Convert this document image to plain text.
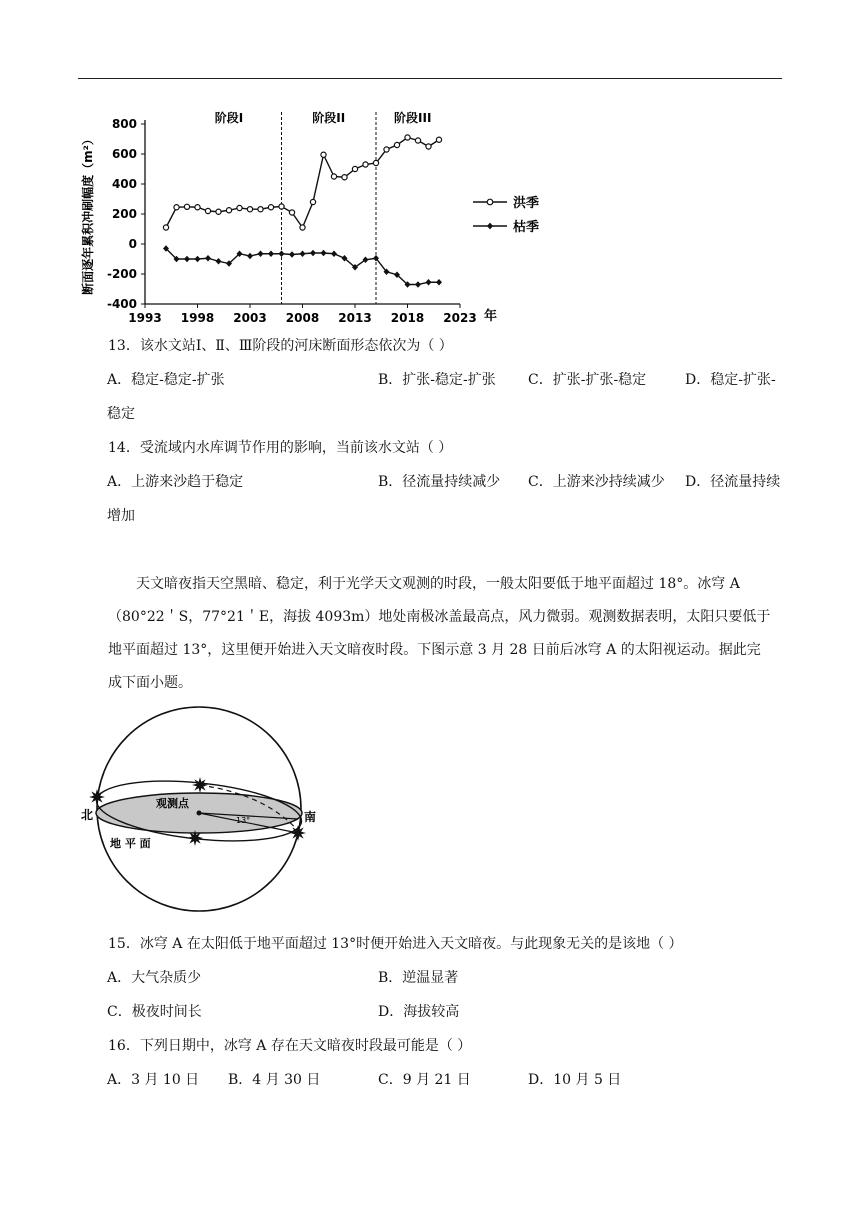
800
600
400
200
0
-200
-400
1993 1998 2003 2008 2013 2018 2023 年
断面逐年累积冲刷幅度（m²）
阶段I	阶段II	阶段III
洪季
枯季
13．该水文站Ⅰ、Ⅱ、Ⅲ阶段的河床断面形态依次为（ ）
A．稳定-稳定-扩张	B．扩张-稳定-扩张 C．扩张-扩张-稳定	D．稳定-扩张-
稳定
14．受流域内水库调节作用的影响，当前该水文站（ ）
A．上游来沙趋于稳定	B．径流量持续减少 C．上游来沙持续减少 D．径流量持续
增加
天文暗夜指天空黑暗、稳定，利于光学天文观测的时段，一般太阳要低于地平面超过 18°。冰穹 A
（80°22＇S，77°21＇E，海拔 4093m）地处南极冰盖最高点，风力微弱。观测数据表明，太阳只要低于
地平面超过 13°，这里便开始进入天文暗夜时段。下图示意 3 月 28 日前后冰穹 A 的太阳视运动。据此完
成下面小题。
北	南
观测点
地 平 面
13°
15．冰穹 A 在太阳低于地平面超过 13°时便开始进入天文暗夜。与此现象无关的是该地（ ）
A．大气杂质少	B．逆温显著
C．极夜时间长	D．海拔较高
16．下列日期中，冰穹 A 存在天文暗夜时段最可能是（ ）
A．3 月 10 日 B．4 月 30 日	C．9 月 21 日	D．10 月 5 日
